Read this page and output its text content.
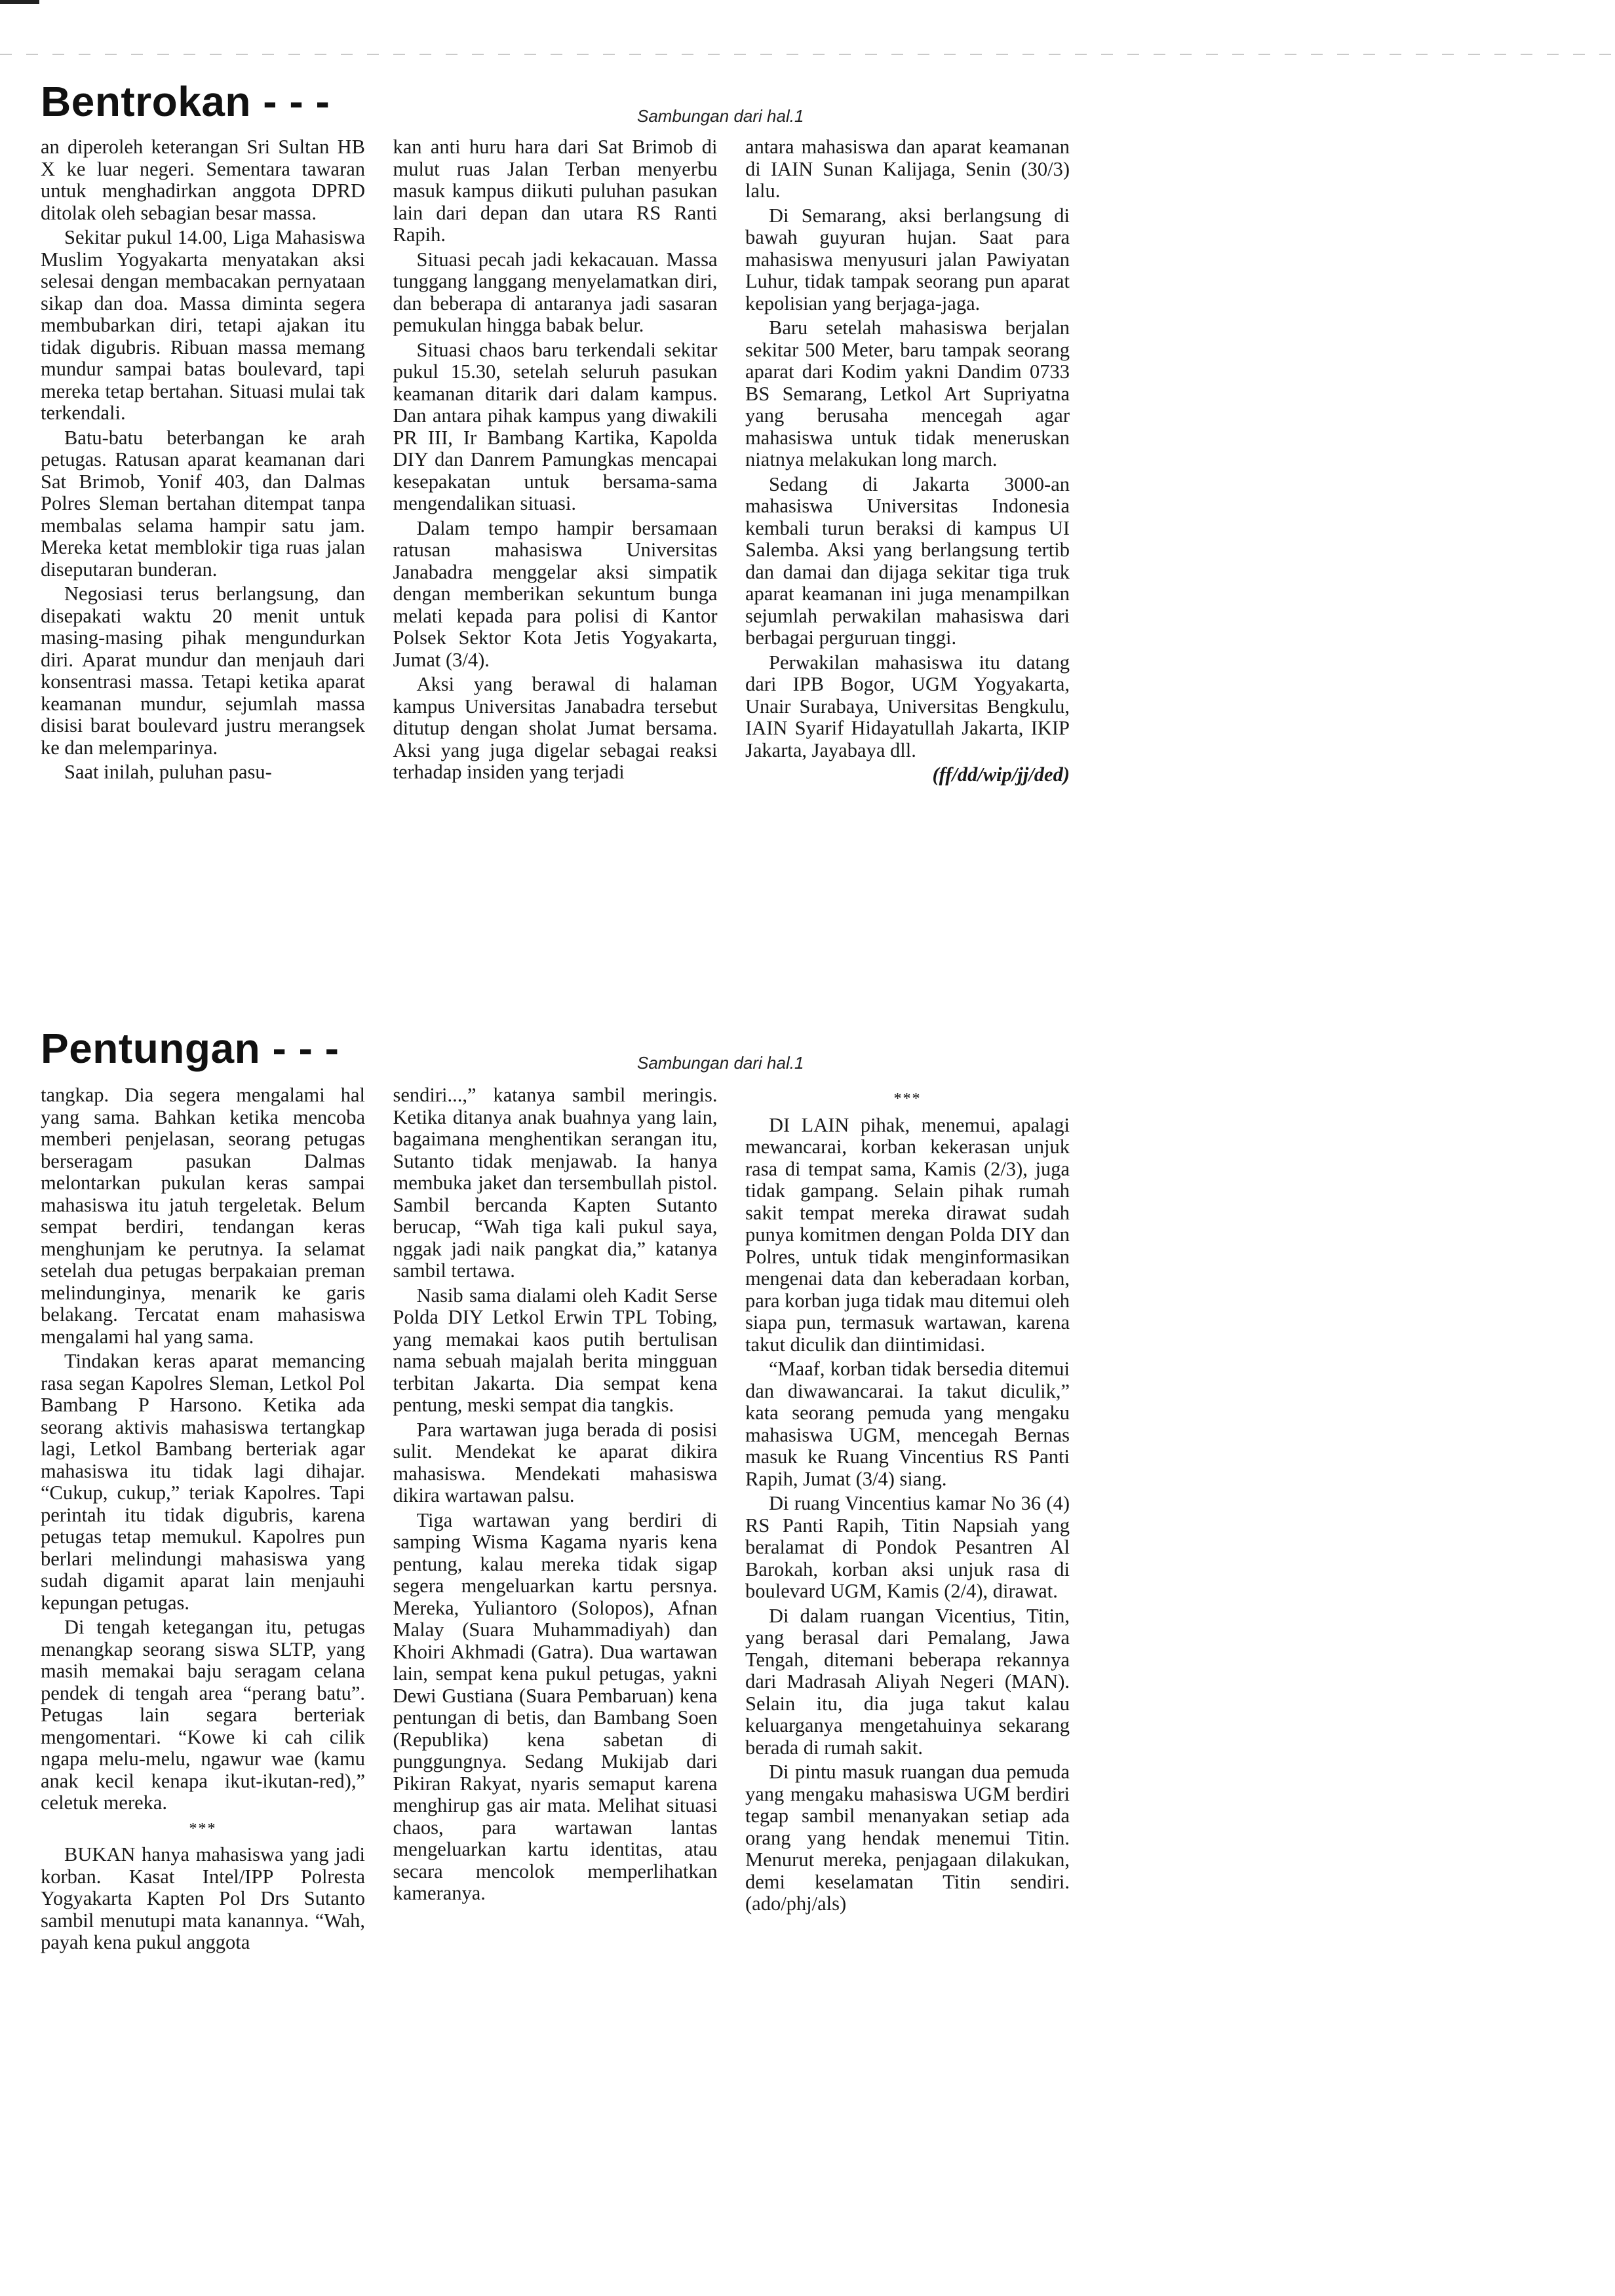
Bentrokan - - -	Sambungan dari hal.1

an diperoleh keterangan Sri Sultan HB X ke luar negeri. Sementara tawaran untuk menghadirkan anggota DPRD ditolak oleh sebagian besar massa.

Sekitar pukul 14.00, Liga Mahasiswa Muslim Yogyakarta menyatakan aksi selesai dengan membacakan pernyataan sikap dan doa. Massa diminta segera membubarkan diri, tetapi ajakan itu tidak digubris. Ribuan massa memang mundur sampai batas boulevard, tapi mereka tetap bertahan. Situasi mulai tak terkendali.

Batu-batu beterbangan ke arah petugas. Ratusan aparat keamanan dari Sat Brimob, Yonif 403, dan Dalmas Polres Sleman bertahan ditempat tanpa membalas selama hampir satu jam. Mereka ketat memblokir tiga ruas jalan diseputaran bunderan.

Negosiasi terus berlangsung, dan disepakati waktu 20 menit untuk masing-masing pihak mengundurkan diri. Aparat mundur dan menjauh dari konsentrasi massa. Tetapi ketika aparat keamanan mundur, sejumlah massa disisi barat boulevard justru merangsek ke dan melemparinya.

Saat inilah, puluhan pasu-

kan anti huru hara dari Sat Brimob di mulut ruas Jalan Terban menyerbu masuk kampus diikuti puluhan pasukan lain dari depan dan utara RS Ranti Rapih.

Situasi pecah jadi kekacauan. Massa tunggang langgang menyelamatkan diri, dan beberapa di antaranya jadi sasaran pemukulan hingga babak belur.

Situasi chaos baru terkendali sekitar pukul 15.30, setelah seluruh pasukan keamanan ditarik dari dalam kampus. Dan antara pihak kampus yang diwakili PR III, Ir Bambang Kartika, Kapolda DIY dan Danrem Pamungkas mencapai kesepakatan untuk bersama-sama mengendalikan situasi.

Dalam tempo hampir bersamaan ratusan mahasiswa Universitas Janabadra menggelar aksi simpatik dengan memberikan sekuntum bunga melati kepada para polisi di Kantor Polsek Sektor Kota Jetis Yogyakarta, Jumat (3/4).

Aksi yang berawal di halaman kampus Universitas Janabadra tersebut ditutup dengan sholat Jumat bersama. Aksi yang juga digelar sebagai reaksi terhadap insiden yang terjadi

antara mahasiswa dan aparat keamanan di IAIN Sunan Kalijaga, Senin (30/3) lalu.

Di Semarang, aksi berlangsung di bawah guyuran hujan. Saat para mahasiswa menyusuri jalan Pawiyatan Luhur, tidak tampak seorang pun aparat kepolisian yang berjaga-jaga.

Baru setelah mahasiswa berjalan sekitar 500 Meter, baru tampak seorang aparat dari Kodim yakni Dandim 0733 BS Semarang, Letkol Art Supriyatna yang berusaha mencegah agar mahasiswa untuk tidak meneruskan niatnya melakukan long march.

Sedang di Jakarta 3000-an mahasiswa Universitas Indonesia kembali turun beraksi di kampus UI Salemba. Aksi yang berlangsung tertib dan damai dan dijaga sekitar tiga truk aparat keamanan ini juga menampilkan sejumlah perwakilan mahasiswa dari berbagai perguruan tinggi.

Perwakilan mahasiswa itu datang dari IPB Bogor, UGM Yogyakarta, Unair Surabaya, Universitas Bengkulu, IAIN Syarif Hidayatullah Jakarta, IKIP Jakarta, Jayabaya dll.

(ff/dd/wip/jj/ded)

Pentungan - - -	Sambungan dari hal.1

tangkap. Dia segera mengalami hal yang sama. Bahkan ketika mencoba memberi penjelasan, seorang petugas berseragam pasukan Dalmas melontarkan pukulan keras sampai mahasiswa itu jatuh tergeletak. Belum sempat berdiri, tendangan keras menghunjam ke perutnya. Ia selamat setelah dua petugas berpakaian preman melindunginya, menarik ke garis belakang. Tercatat enam mahasiswa mengalami hal yang sama.

Tindakan keras aparat memancing rasa segan Kapolres Sleman, Letkol Pol Bambang P Harsono. Ketika ada seorang aktivis mahasiswa tertangkap lagi, Letkol Bambang berteriak agar mahasiswa itu tidak lagi dihajar. “Cukup, cukup,” teriak Kapolres. Tapi perintah itu tidak digubris, karena petugas tetap memukul. Kapolres pun berlari melindungi mahasiswa yang sudah digamit aparat lain menjauhi kepungan petugas.

Di tengah ketegangan itu, petugas menangkap seorang siswa SLTP, yang masih memakai baju seragam celana pendek di tengah area “perang batu”. Petugas lain segara berteriak mengomentari. “Kowe ki cah cilik ngapa melu-melu, ngawur wae (kamu anak kecil kenapa ikut-ikutan-red),” celetuk mereka.

***

BUKAN hanya mahasiswa yang jadi korban. Kasat Intel/IPP Polresta Yogyakarta Kapten Pol Drs Sutanto sambil menutupi mata kanannya. “Wah, payah kena pukul anggota

sendiri...,” katanya sambil meringis. Ketika ditanya anak buahnya yang lain, bagaimana menghentikan serangan itu, Sutanto tidak menjawab. Ia hanya membuka jaket dan tersembullah pistol. Sambil bercanda Kapten Sutanto berucap, “Wah tiga kali pukul saya, nggak jadi naik pangkat dia,” katanya sambil tertawa.

Nasib sama dialami oleh Kadit Serse Polda DIY Letkol Erwin TPL Tobing, yang memakai kaos putih bertulisan nama sebuah majalah berita mingguan terbitan Jakarta. Dia sempat kena pentung, meski sempat dia tangkis.

Para wartawan juga berada di posisi sulit. Mendekat ke aparat dikira mahasiswa. Mendekati mahasiswa dikira wartawan palsu.

Tiga wartawan yang berdiri di samping Wisma Kagama nyaris kena pentung, kalau mereka tidak sigap segera mengeluarkan kartu persnya. Mereka, Yuliantoro (Solopos), Afnan Malay (Suara Muhammadiyah) dan Khoiri Akhmadi (Gatra). Dua wartawan lain, sempat kena pukul petugas, yakni Dewi Gustiana (Suara Pembaruan) kena pentungan di betis, dan Bambang Soen (Republika) kena sabetan di punggungnya. Sedang Mukijab dari Pikiran Rakyat, nyaris semaput karena menghirup gas air mata. Melihat situasi chaos, para wartawan lantas mengeluarkan kartu identitas, atau secara mencolok memperlihatkan kameranya.

***

DI LAIN pihak, menemui, apalagi mewancarai, korban kekerasan unjuk rasa di tempat sama, Kamis (2/3), juga tidak gampang. Selain pihak rumah sakit tempat mereka dirawat sudah punya komitmen dengan Polda DIY dan Polres, untuk tidak menginformasikan mengenai data dan keberadaan korban, para korban juga tidak mau ditemui oleh siapa pun, termasuk wartawan, karena takut diculik dan diintimidasi.

“Maaf, korban tidak bersedia ditemui dan diwawancarai. Ia takut diculik,” kata seorang pemuda yang mengaku mahasiswa UGM, mencegah Bernas masuk ke Ruang Vincentius RS Panti Rapih, Jumat (3/4) siang.

Di ruang Vincentius kamar No 36 (4) RS Panti Rapih, Titin Napsiah yang beralamat di Pondok Pesantren Al Barokah, korban aksi unjuk rasa di boulevard UGM, Kamis (2/4), dirawat.

Di dalam ruangan Vicentius, Titin, yang berasal dari Pemalang, Jawa Tengah, ditemani beberapa rekannya dari Madrasah Aliyah Negeri (MAN). Selain itu, dia juga takut kalau keluarganya mengetahuinya sekarang berada di rumah sakit.

Di pintu masuk ruangan dua pemuda yang mengaku mahasiswa UGM berdiri tegap sambil menanyakan setiap ada orang yang hendak menemui Titin. Menurut mereka, penjagaan dilakukan, demi keselamatan Titin sendiri. (ado/phj/als)
